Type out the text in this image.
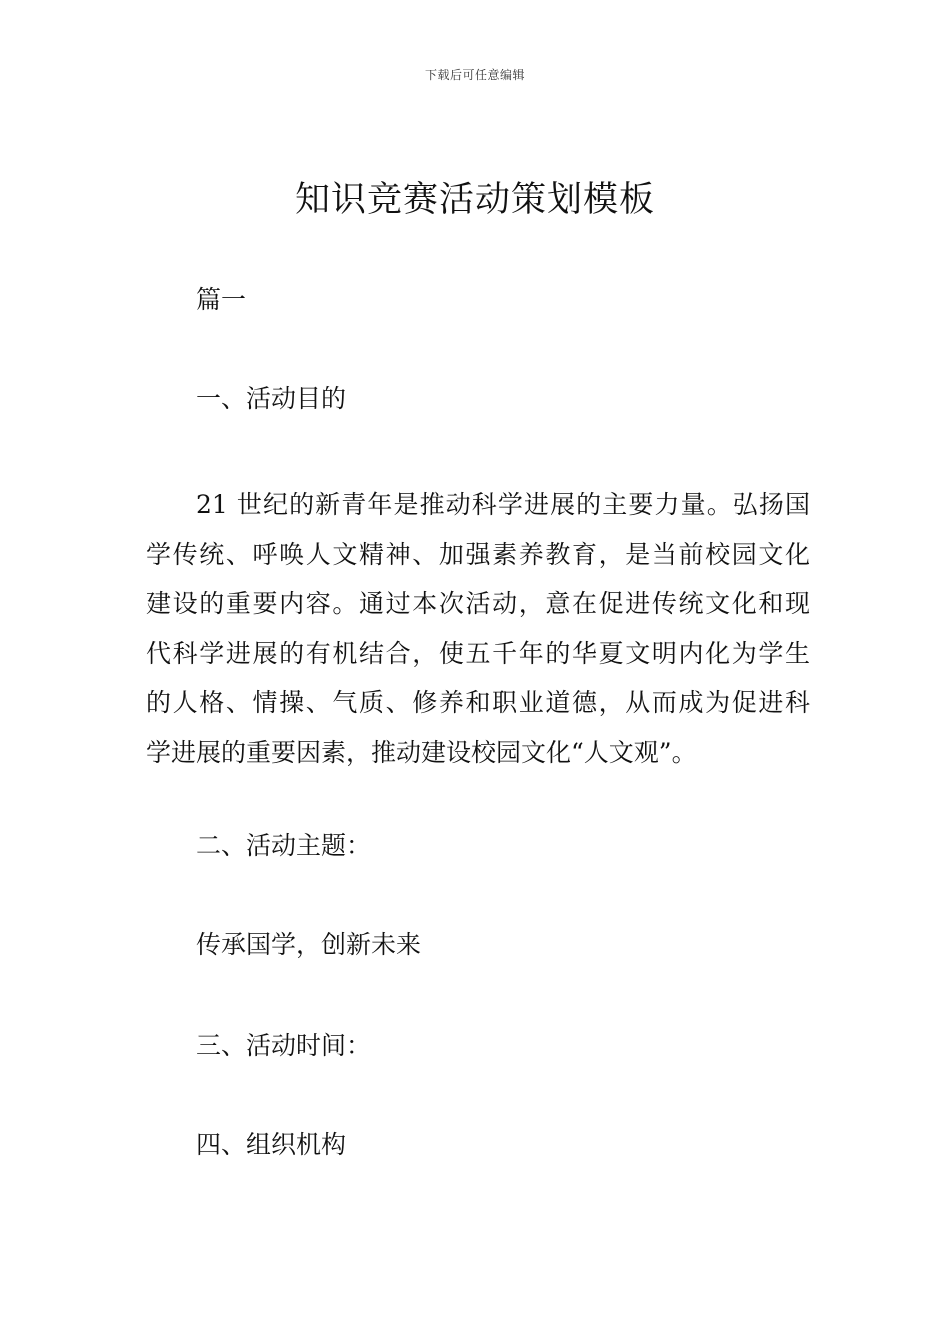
下载后可任意编辑
知识竞赛活动策划模板
篇一
一、活动目的
21 世纪的新青年是推动科学进展的主要力量。弘扬国
学传统、呼唤人文精神、加强素养教育，是当前校园文化
建设的重要内容。通过本次活动，意在促进传统文化和现
代科学进展的有机结合，使五千年的华夏文明内化为学生
的人格、情操、气质、修养和职业道德，从而成为促进科
学进展的重要因素，推动建设校园文化“人文观”。
二、活动主题：
传承国学，创新未来
三、活动时间：
四、组织机构
